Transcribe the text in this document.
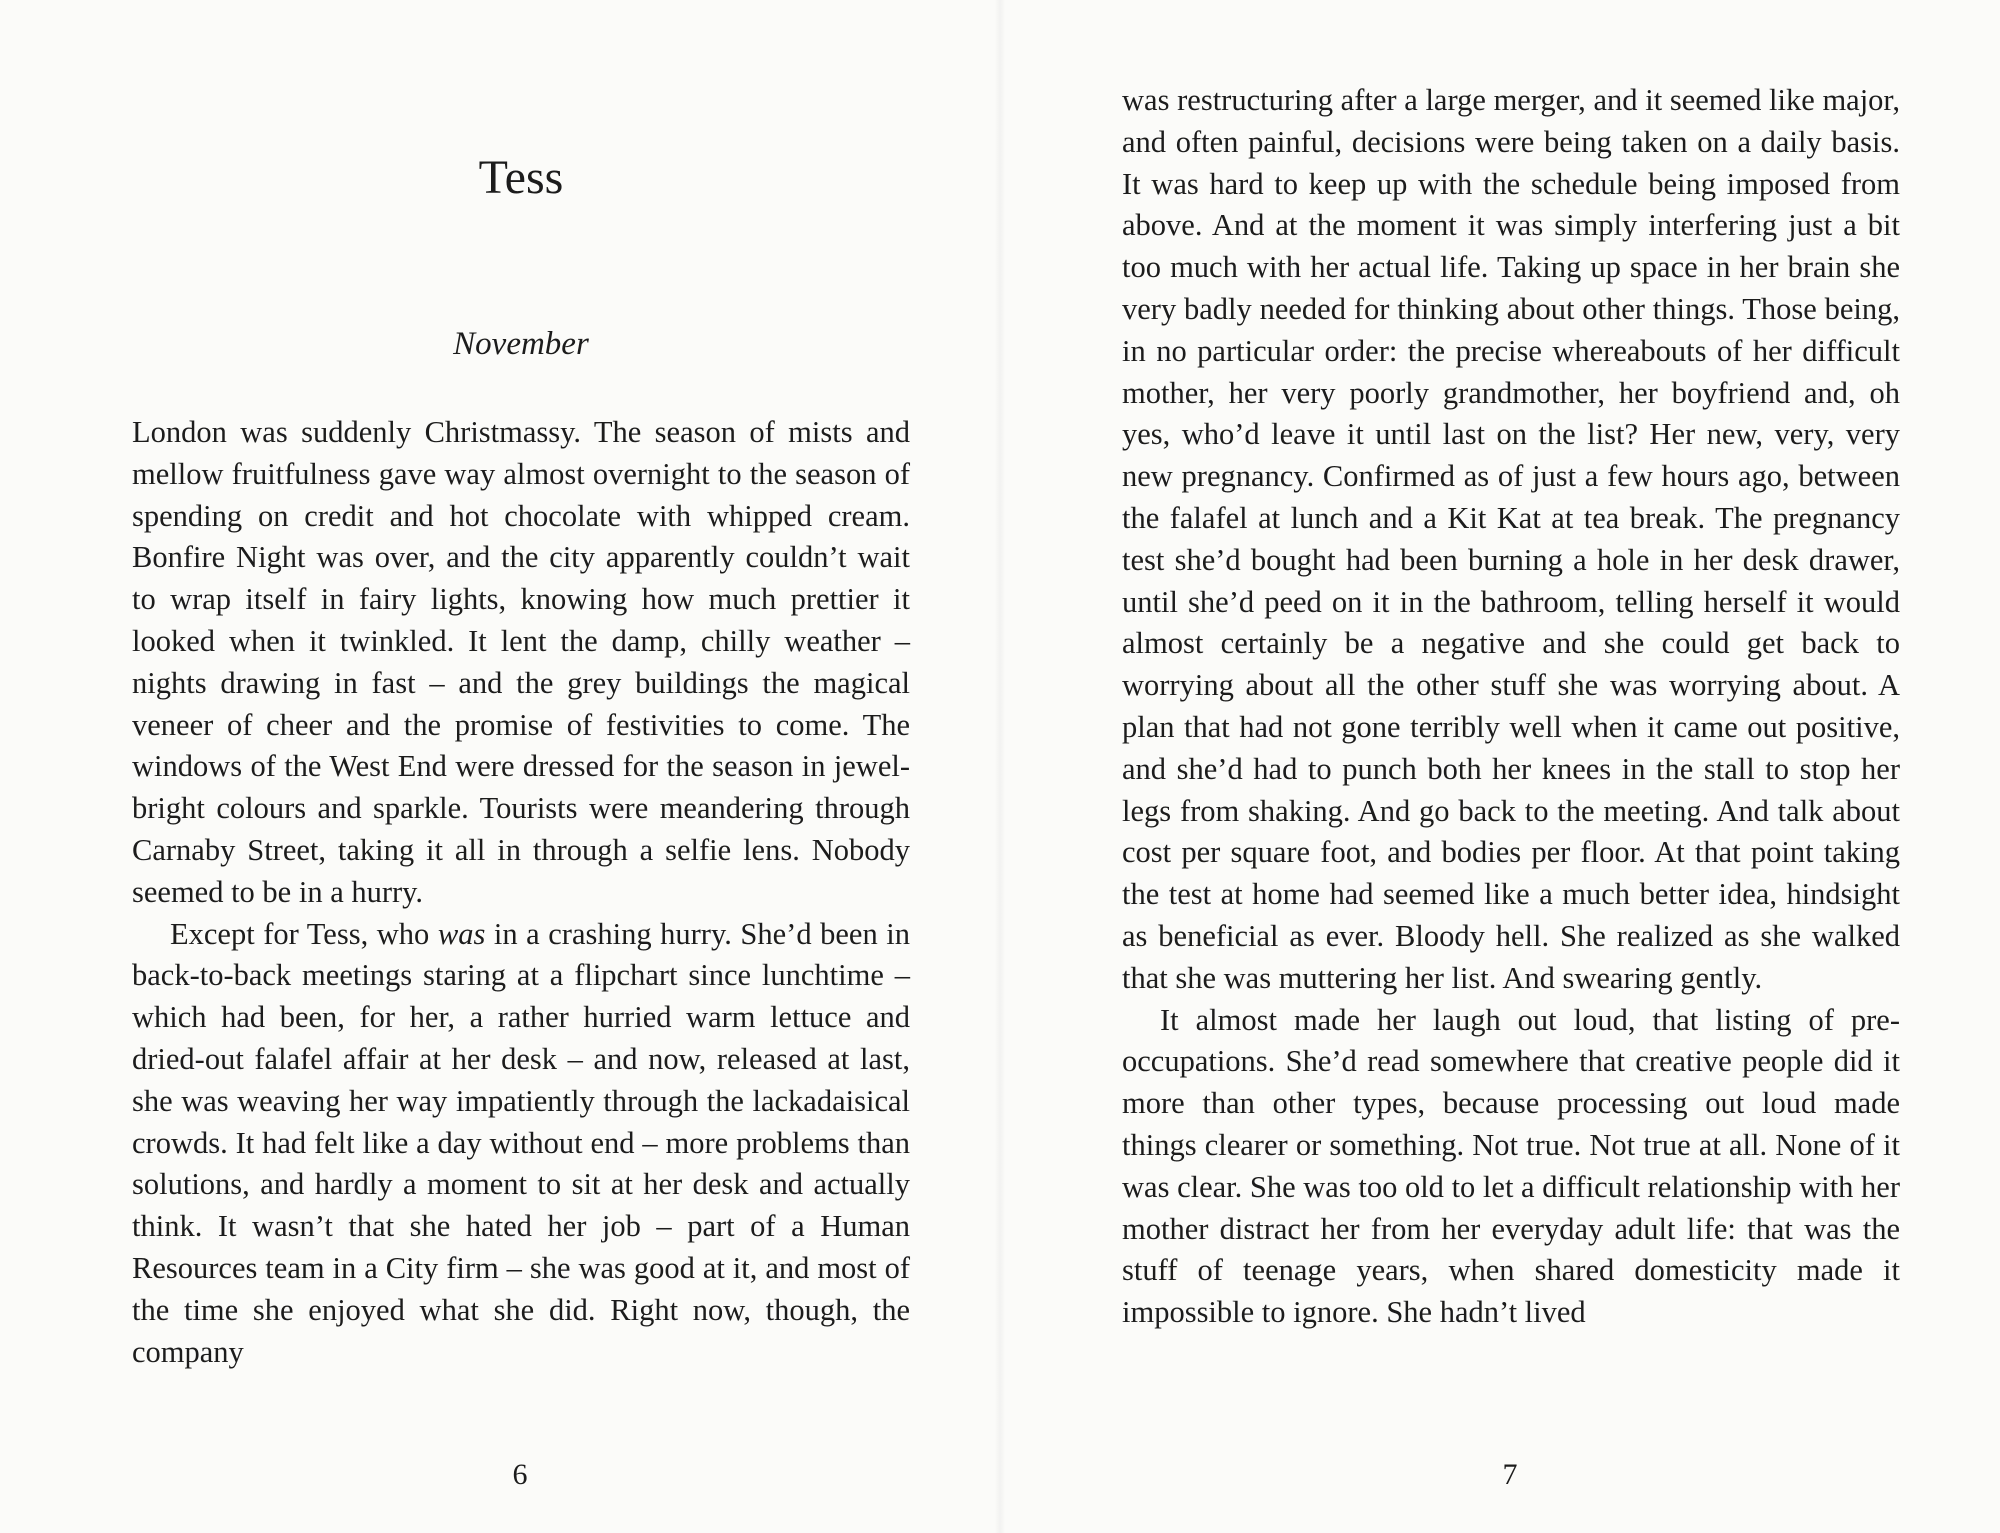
Tess
November

London was suddenly Christmassy. The season of mists and mellow fruitfulness gave way almost overnight to the season of spending on credit and hot chocolate with whipped cream. Bonfire Night was over, and the city apparently couldn’t wait to wrap itself in fairy lights, knowing how much prettier it looked when it twinkled. It lent the damp, chilly weather – nights drawing in fast – and the grey buildings the magical veneer of cheer and the promise of festivities to come. The windows of the West End were dressed for the season in jewel-bright colours and sparkle. Tourists were meandering through Carnaby Street, taking it all in through a selfie lens. Nobody seemed to be in a hurry.

Except for Tess, who was in a crashing hurry. She’d been in back-to-back meetings staring at a flipchart since lunchtime – which had been, for her, a rather hurried warm lettuce and dried-out falafel affair at her desk – and now, released at last, she was weaving her way impatiently through the lackadaisical crowds. It had felt like a day without end – more problems than solutions, and hardly a moment to sit at her desk and actually think. It wasn’t that she hated her job – part of a Human Resources team in a City firm – she was good at it, and most of the time she enjoyed what she did. Right now, though, the company

6

was restructuring after a large merger, and it seemed like major, and often painful, decisions were being taken on a daily basis. It was hard to keep up with the schedule being imposed from above. And at the moment it was simply interfering just a bit too much with her actual life. Taking up space in her brain she very badly needed for thinking about other things. Those being, in no particular order: the precise whereabouts of her difficult mother, her very poorly grandmother, her boyfriend and, oh yes, who’d leave it until last on the list? Her new, very, very new pregnancy. Confirmed as of just a few hours ago, between the falafel at lunch and a Kit Kat at tea break. The pregnancy test she’d bought had been burning a hole in her desk drawer, until she’d peed on it in the bathroom, telling herself it would almost certainly be a negative and she could get back to worrying about all the other stuff she was worrying about. A plan that had not gone terribly well when it came out positive, and she’d had to punch both her knees in the stall to stop her legs from shaking. And go back to the meeting. And talk about cost per square foot, and bodies per floor. At that point taking the test at home had seemed like a much better idea, hindsight as beneficial as ever. Bloody hell. She realized as she walked that she was muttering her list. And swearing gently.

It almost made her laugh out loud, that listing of preoccupations. She’d read somewhere that creative people did it more than other types, because processing out loud made things clearer or something. Not true. Not true at all. None of it was clear. She was too old to let a difficult relationship with her mother distract her from her everyday adult life: that was the stuff of teenage years, when shared domesticity made it impossible to ignore. She hadn’t lived

7
